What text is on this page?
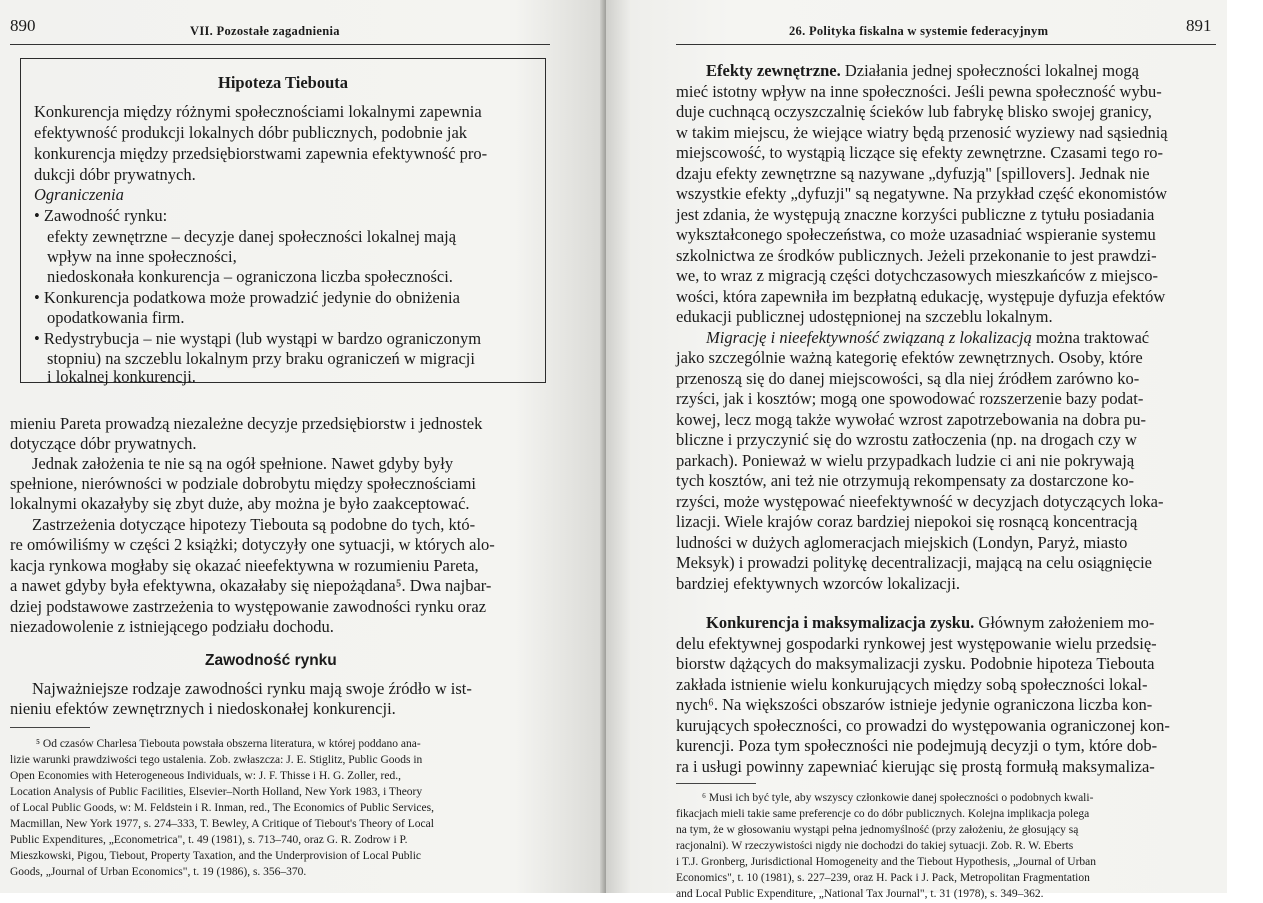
890	VII. Pozostałe zagadnienia
Hipoteza Tiebouta
Konkurencja między różnymi społecznościami lokalnymi zapewnia
efektywność produkcji lokalnych dóbr publicznych, podobnie jak
konkurencja między przedsiębiorstwami zapewnia efektywność pro-
dukcji dóbr prywatnych.
Ograniczenia
• Zawodność rynku:
efekty zewnętrzne – decyzje danej społeczności lokalnej mają
wpływ na inne społeczności,
niedoskonała konkurencja – ograniczona liczba społeczności.
• Konkurencja podatkowa może prowadzić jedynie do obniżenia
opodatkowania firm.
• Redystrybucja – nie wystąpi (lub wystąpi w bardzo ograniczonym
stopniu) na szczeblu lokalnym przy braku ograniczeń w migracji
i lokalnej konkurencji.
mieniu Pareta prowadzą niezależne decyzje przedsiębiorstw i jednostek
dotyczące dóbr prywatnych.
Jednak założenia te nie są na ogół spełnione. Nawet gdyby były
spełnione, nierówności w podziale dobrobytu między społecznościami
lokalnymi okazałyby się zbyt duże, aby można je było zaakceptować.
Zastrzeżenia dotyczące hipotezy Tiebouta są podobne do tych, któ-
re omówiliśmy w części 2 książki; dotyczyły one sytuacji, w których alo-
kacja rynkowa mogłaby się okazać nieefektywna w rozumieniu Pareta,
a nawet gdyby była efektywna, okazałaby się niepożądana⁵. Dwa najbar-
dziej podstawowe zastrzeżenia to występowanie zawodności rynku oraz
niezadowolenie z istniejącego podziału dochodu.
Zawodność rynku
Najważniejsze rodzaje zawodności rynku mają swoje źródło w ist-
nieniu efektów zewnętrznych i niedoskonałej konkurencji.
⁵ Od czasów Charlesa Tiebouta powstała obszerna literatura, w której poddano ana-
lizie warunki prawdziwości tego ustalenia. Zob. zwłaszcza: J. E. Stiglitz, Public Goods in
Open Economies with Heterogeneous Individuals, w: J. F. Thisse i H. G. Zoller, red.,
Location Analysis of Public Facilities, Elsevier–North Holland, New York 1983, i Theory
of Local Public Goods, w: M. Feldstein i R. Inman, red., The Economics of Public Services,
Macmillan, New York 1977, s. 274–333, T. Bewley, A Critique of Tiebout's Theory of Local
Public Expenditures, „Econometrica", t. 49 (1981), s. 713–740, oraz G. R. Zodrow i P.
Mieszkowski, Pigou, Tiebout, Property Taxation, and the Underprovision of Local Public
Goods, „Journal of Urban Economics", t. 19 (1986), s. 356–370.
26. Polityka fiskalna w systemie federacyjnym	891
Efekty zewnętrzne. Działania jednej społeczności lokalnej mogą
mieć istotny wpływ na inne społeczności. Jeśli pewna społeczność wybu-
duje cuchnącą oczyszczalnię ścieków lub fabrykę blisko swojej granicy,
w takim miejscu, że wiejące wiatry będą przenosić wyziewy nad sąsiednią
miejscowość, to wystąpią liczące się efekty zewnętrzne. Czasami tego ro-
dzaju efekty zewnętrzne są nazywane „dyfuzją" [spillovers]. Jednak nie
wszystkie efekty „dyfuzji" są negatywne. Na przykład część ekonomistów
jest zdania, że występują znaczne korzyści publiczne z tytułu posiadania
wykształconego społeczeństwa, co może uzasadniać wspieranie systemu
szkolnictwa ze środków publicznych. Jeżeli przekonanie to jest prawdzi-
we, to wraz z migracją części dotychczasowych mieszkańców z miejsco-
wości, która zapewniła im bezpłatną edukację, występuje dyfuzja efektów
edukacji publicznej udostępnionej na szczeblu lokalnym.
Migrację i nieefektywność związaną z lokalizacją można traktować
jako szczególnie ważną kategorię efektów zewnętrznych. Osoby, które
przenoszą się do danej miejscowości, są dla niej źródłem zarówno ko-
rzyści, jak i kosztów; mogą one spowodować rozszerzenie bazy podat-
kowej, lecz mogą także wywołać wzrost zapotrzebowania na dobra pu-
bliczne i przyczynić się do wzrostu zatłoczenia (np. na drogach czy w
parkach). Ponieważ w wielu przypadkach ludzie ci ani nie pokrywają
tych kosztów, ani też nie otrzymują rekompensaty za dostarczone ko-
rzyści, może występować nieefektywność w decyzjach dotyczących loka-
lizacji. Wiele krajów coraz bardziej niepokoi się rosnącą koncentracją
ludności w dużych aglomeracjach miejskich (Londyn, Paryż, miasto
Meksyk) i prowadzi politykę decentralizacji, mającą na celu osiągnięcie
bardziej efektywnych wzorców lokalizacji.
Konkurencja i maksymalizacja zysku. Głównym założeniem mo-
delu efektywnej gospodarki rynkowej jest występowanie wielu przedsię-
biorstw dążących do maksymalizacji zysku. Podobnie hipoteza Tiebouta
zakłada istnienie wielu konkurujących między sobą społeczności lokal-
nych⁶. Na większości obszarów istnieje jedynie ograniczona liczba kon-
kurujących społeczności, co prowadzi do występowania ograniczonej kon-
kurencji. Poza tym społeczności nie podejmują decyzji o tym, które dob-
ra i usługi powinny zapewniać kierując się prostą formułą maksymaliza-
⁶ Musi ich być tyle, aby wszyscy członkowie danej społeczności o podobnych kwali-
fikacjach mieli takie same preferencje co do dóbr publicznych. Kolejna implikacja polega
na tym, że w głosowaniu wystąpi pełna jednomyślność (przy założeniu, że głosujący są
racjonalni). W rzeczywistości nigdy nie dochodzi do takiej sytuacji. Zob. R. W. Eberts
i T.J. Gronberg, Jurisdictional Homogeneity and the Tiebout Hypothesis, „Journal of Urban
Economics", t. 10 (1981), s. 227–239, oraz H. Pack i J. Pack, Metropolitan Fragmentation
and Local Public Expenditure, „National Tax Journal", t. 31 (1978), s. 349–362.
